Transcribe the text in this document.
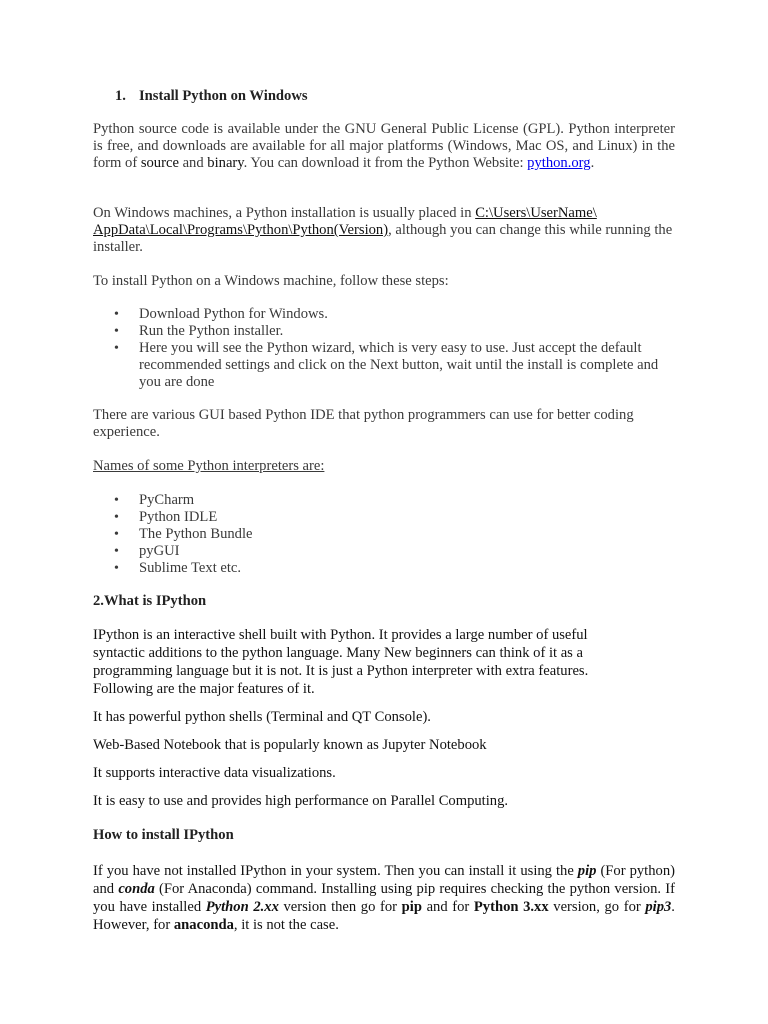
1. Install Python on Windows

Python source code is available under the GNU General Public License (GPL). Python interpreter is free, and downloads are available for all major platforms (Windows, Mac OS, and Linux) in the form of source and binary. You can download it from the Python Website: python.org.

On Windows machines, a Python installation is usually placed in C:\Users\UserName\ AppData\Local\Programs\Python\Python(Version), although you can change this while running the installer.

To install Python on a Windows machine, follow these steps:

• Download Python for Windows.
• Run the Python installer.
• Here you will see the Python wizard, which is very easy to use. Just accept the default recommended settings and click on the Next button, wait until the install is complete and you are done

There are various GUI based Python IDE that python programmers can use for better coding experience.

Names of some Python interpreters are:

• PyCharm
• Python IDLE
• The Python Bundle
• pyGUI
• Sublime Text etc.

2.What is IPython

IPython is an interactive shell built with Python. It provides a large number of useful syntactic additions to the python language. Many New beginners can think of it as a programming language but it is not. It is just a Python interpreter with extra features. Following are the major features of it.

It has powerful python shells (Terminal and QT Console).

Web-Based Notebook that is popularly known as Jupyter Notebook

It supports interactive data visualizations.

It is easy to use and provides high performance on Parallel Computing.

How to install IPython

If you have not installed IPython in your system. Then you can install it using the pip (For python) and conda (For Anaconda) command. Installing using pip requires checking the python version. If you have installed Python 2.xx version then go for pip and for Python 3.xx version, go for pip3. However, for anaconda, it is not the case.
